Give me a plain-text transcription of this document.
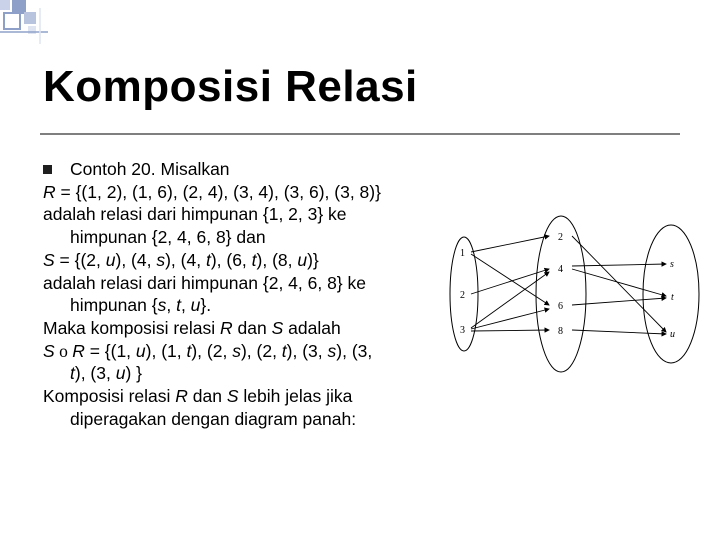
Komposisi Relasi

Contoh 20. Misalkan

R = {(1, 2), (1, 6), (2, 4), (3, 4), (3, 6), (3, 8)}

adalah relasi dari himpunan {1, 2, 3} ke
himpunan {2, 4, 6, 8} dan

S = {(2, u), (4, s), (4, t), (6, t), (8, u)}

adalah relasi dari himpunan {2, 4, 6, 8} ke
himpunan {s, t, u}.

Maka komposisi relasi R dan S adalah

S o R = {(1, u), (1, t), (2, s), (2, t), (3, s), (3,
t), (3, u) }

Komposisi relasi R dan S lebih jelas jika
diperagakan dengan diagram panah:

1
2
3
2
4
6
8
s
t
u
